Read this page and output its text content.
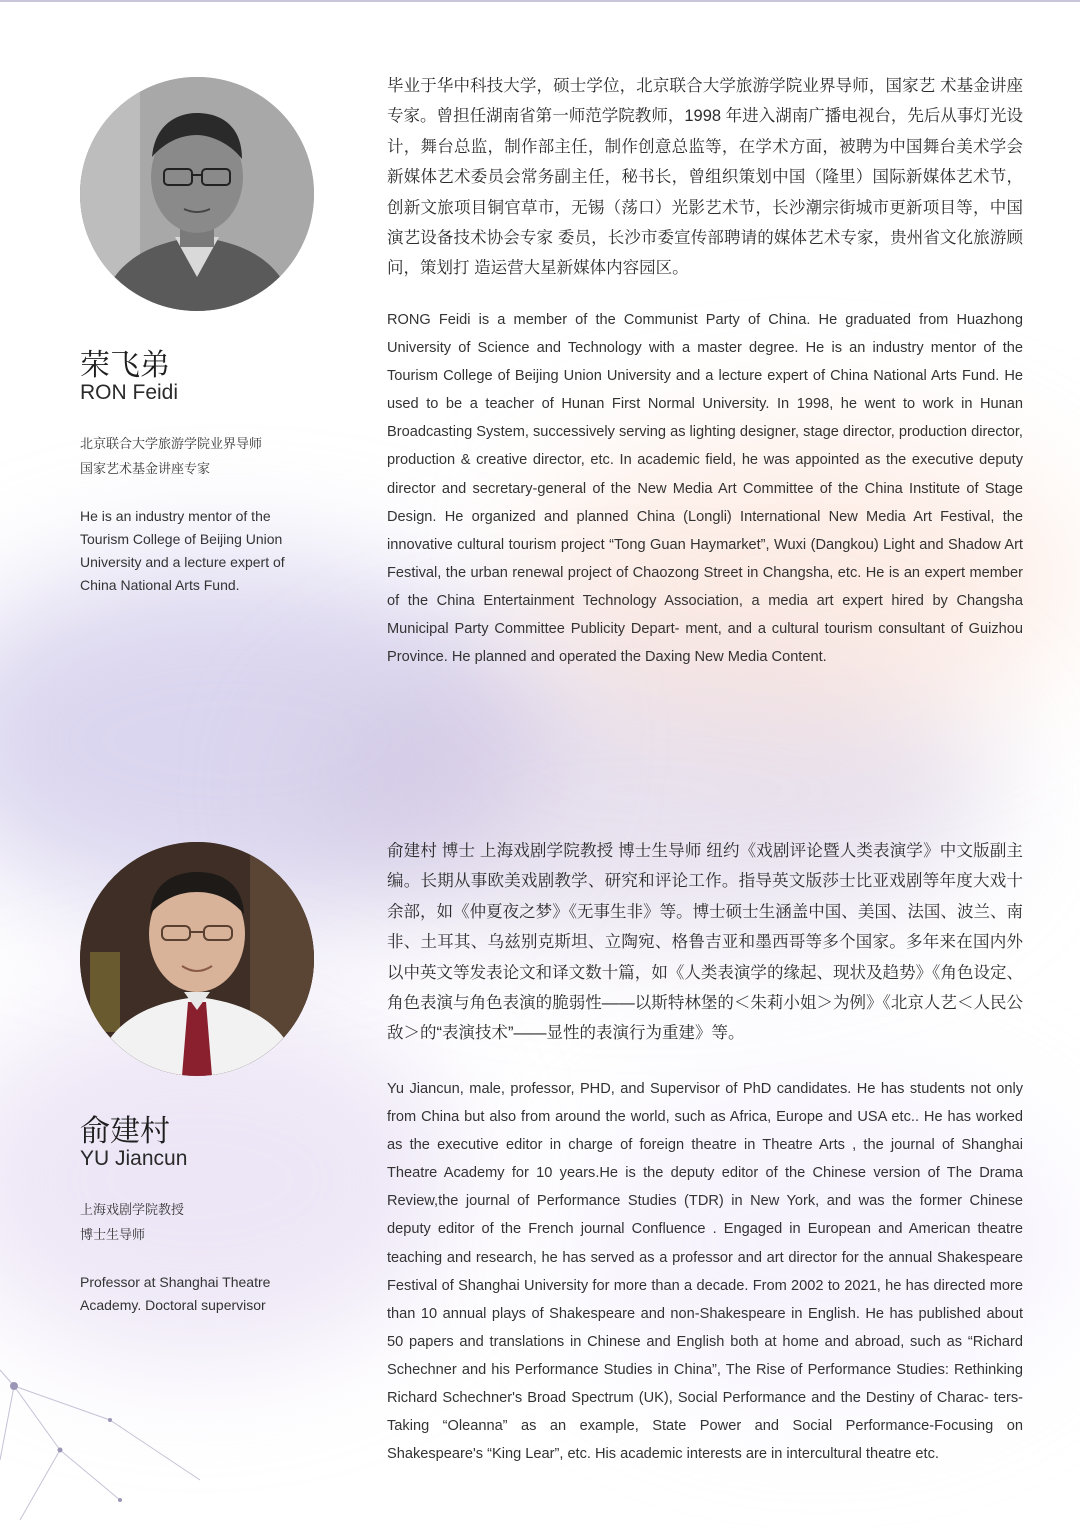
荣飞弟
RON Feidi
北京联合大学旅游学院业界导师
国家艺术基金讲座专家
He is an industry mentor of the Tourism College of Beijing Union University and a lecture expert of China National Arts Fund.

毕业于华中科技大学，硕士学位，北京联合大学旅游学院业界导师，国家艺 术基金讲座专家。曾担任湖南省第一师范学院教师，1998 年进入湖南广播电视台，先后从事灯光设计，舞台总监，制作部主任，制作创意总监等，在学术方面，被聘为中国舞台美术学会新媒体艺术委员会常务副主任，秘书长，曾组织策划中国（隆里）国际新媒体艺术节，创新文旅项目铜官草市，无锡（荡口）光影艺术节，长沙潮宗街城市更新项目等，中国演艺设备技术协会专家 委员，长沙市委宣传部聘请的媒体艺术专家，贵州省文化旅游顾问，策划打 造运营大星新媒体内容园区。

RONG Feidi is a member of the Communist Party of China. He graduated from Huazhong University of Science and Technology with a master degree. He is an industry mentor of the Tourism College of Beijing Union University and a lecture expert of China National Arts Fund. He used to be a teacher of Hunan First Normal University. In 1998, he went to work in Hunan Broadcasting System, successively serving as lighting designer, stage director, production director, production & creative director, etc. In academic field, he was appointed as the executive deputy director and secretary-general of the New Media Art Committee of the China Institute of Stage Design. He organized and planned China (Longli) International New Media Art Festival, the innovative cultural tourism project “Tong Guan Haymarket”, Wuxi (Dangkou) Light and Shadow Art Festival, the urban renewal project of Chaozong Street in Changsha, etc. He is an expert member of the China Entertainment Technology Association, a media art expert hired by Changsha Municipal Party Committee Publicity Depart- ment, and a cultural tourism consultant of Guizhou Province. He planned and operated the Daxing New Media Content.

俞建村
YU Jiancun
上海戏剧学院教授
博士生导师
Professor at Shanghai Theatre Academy. Doctoral supervisor

俞建村 博士 上海戏剧学院教授 博士生导师 纽约《戏剧评论暨人类表演学》中文版副主编。长期从事欧美戏剧教学、研究和评论工作。指导英文版莎士比亚戏剧等年度大戏十余部，如《仲夏夜之梦》《无事生非》等。博士硕士生涵盖中国、美国、法国、波兰、南非、土耳其、乌兹别克斯坦、立陶宛、格鲁吉亚和墨西哥等多个国家。多年来在国内外以中英文等发表论文和译文数十篇，如《人类表演学的缘起、现状及趋势》《角色设定、角色表演与角色表演的脆弱性——以斯特林堡的＜朱莉小姐＞为例》《北京人艺＜人民公敌＞的“表演技术”——显性的表演行为重建》等。

Yu Jiancun, male, professor, PHD, and Supervisor of PhD candidates. He has students not only from China but also from around the world, such as Africa, Europe and USA etc.. He has worked as the executive editor in charge of foreign theatre in Theatre Arts , the journal of Shanghai Theatre Academy for 10 years.He is the deputy editor of the Chinese version of The Drama Review,the journal of Performance Studies (TDR) in New York, and was the former Chinese deputy editor of the French journal Confluence . Engaged in European and American theatre teaching and research, he has served as a professor and art director for the annual Shakespeare Festival of Shanghai University for more than a decade. From 2002 to 2021, he has directed more than 10 annual plays of Shakespeare and non-Shakespeare in English. He has published about 50 papers and translations in Chinese and English both at home and abroad, such as “Richard Schechner and his Performance Studies in China”, The Rise of Performance Studies: Rethinking Richard Schechner's Broad Spectrum (UK), Social Performance and the Destiny of Charac- ters-Taking “Oleanna” as an example, State Power and Social Performance-Focusing on Shakespeare's “King Lear”, etc. His academic interests are in intercultural theatre etc.
